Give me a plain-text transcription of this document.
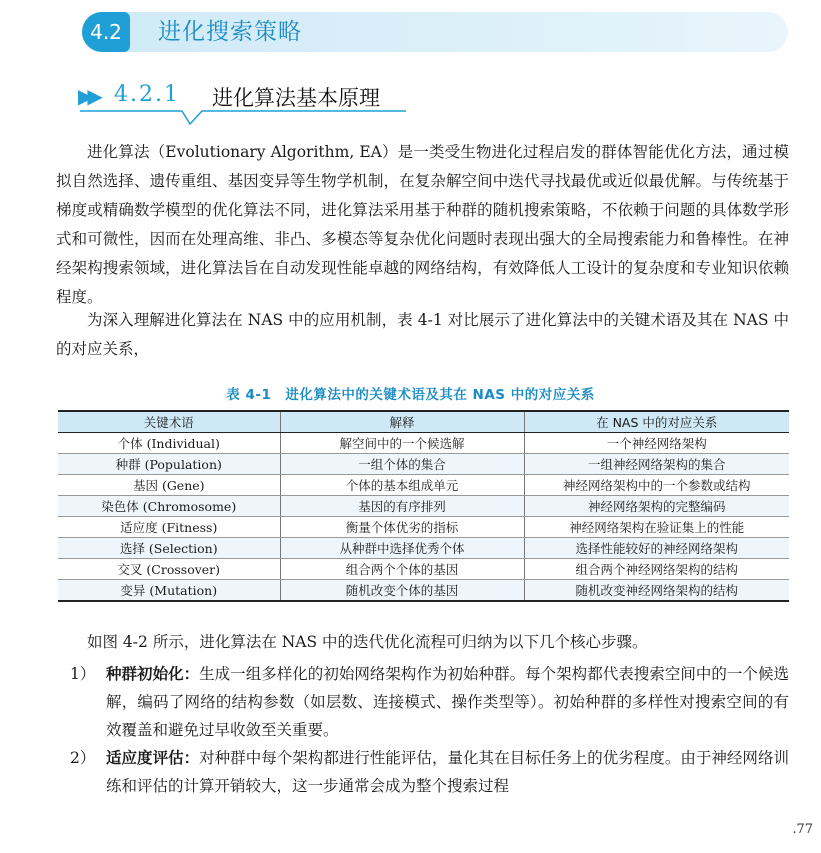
4.2	进化搜索策略
▶▶ 4.2.1 进化算法基本原理
进化算法（Evolutionary Algorithm, EA）是一类受生物进化过程启发的群体智能优化方法，通过模拟自然选择、遗传重组、基因变异等生物学机制，在复杂解空间中迭代寻找最优或近似最优解。与传统基于梯度或精确数学模型的优化算法不同，进化算法采用基于种群的随机搜索策略，不依赖于问题的具体数学形式和可微性，因而在处理高维、非凸、多模态等复杂优化问题时表现出强大的全局搜索能力和鲁棒性。在神经架构搜索领域，进化算法旨在自动发现性能卓越的网络结构，有效降低人工设计的复杂度和专业知识依赖程度。
为深入理解进化算法在 NAS 中的应用机制，表 4-1 对比展示了进化算法中的关键术语及其在 NAS 中的对应关系，
表 4-1　进化算法中的关键术语及其在 NAS 中的对应关系
关键术语	解释	在 NAS 中的对应关系
个体 (Individual)	解空间中的一个候选解	一个神经网络架构
种群 (Population)	一组个体的集合	一组神经网络架构的集合
基因 (Gene)	个体的基本组成单元	神经网络架构中的一个参数或结构
染色体 (Chromosome)	基因的有序排列	神经网络架构的完整编码
适应度 (Fitness)	衡量个体优劣的指标	神经网络架构在验证集上的性能
选择 (Selection)	从种群中选择优秀个体	选择性能较好的神经网络架构
交叉 (Crossover)	组合两个个体的基因	组合两个神经网络架构的结构
变异 (Mutation)	随机改变个体的基因	随机改变神经网络架构的结构
如图 4-2 所示，进化算法在 NAS 中的迭代优化流程可归纳为以下几个核心步骤。
1） 种群初始化：生成一组多样化的初始网络架构作为初始种群。每个架构都代表搜索空间中的一个候选解，编码了网络的结构参数（如层数、连接模式、操作类型等）。初始种群的多样性对搜索空间的有效覆盖和避免过早收敛至关重要。
2） 适应度评估：对种群中每个架构都进行性能评估，量化其在目标任务上的优劣程度。由于神经网络训练和评估的计算开销较大，这一步通常会成为整个搜索过程
.77
